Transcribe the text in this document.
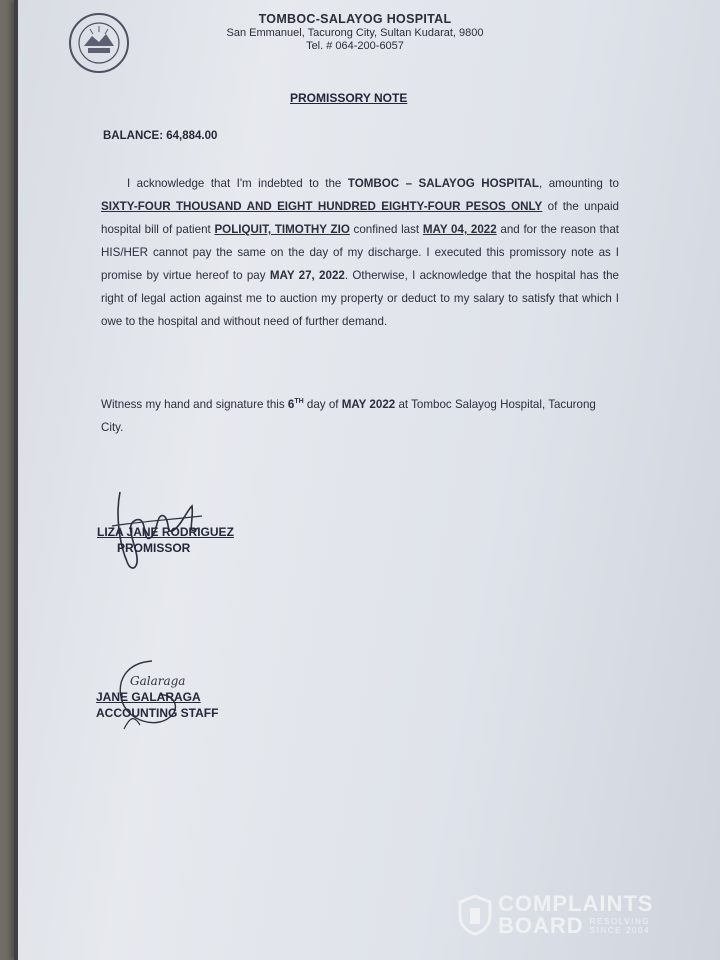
TOMBOC-SALAYOG HOSPITAL
San Emmanuel, Tacurong City, Sultan Kudarat, 9800
Tel. # 064-200-6057
PROMISSORY NOTE
BALANCE: 64,884.00
I acknowledge that I'm indebted to the TOMBOC – SALAYOG HOSPITAL, amounting to SIXTY-FOUR THOUSAND AND EIGHT HUNDRED EIGHTY-FOUR PESOS ONLY of the unpaid hospital bill of patient POLIQUIT, TIMOTHY ZIO confined last MAY 04, 2022 and for the reason that HIS/HER cannot pay the same on the day of my discharge. I executed this promissory note as I promise by virtue hereof to pay MAY 27, 2022. Otherwise, I acknowledge that the hospital has the right of legal action against me to auction my property or deduct to my salary to satisfy that which I owe to the hospital and without need of further demand.
Witness my hand and signature this 6TH day of MAY 2022 at Tomboc Salayog Hospital, Tacurong City.
LIZA JANE RODRIGUEZ
PROMISSOR
Galaraga
JANE GALARAGA
ACCOUNTING STAFF
COMPLAINTS
BOARD RESOLVING
SINCE 2004
